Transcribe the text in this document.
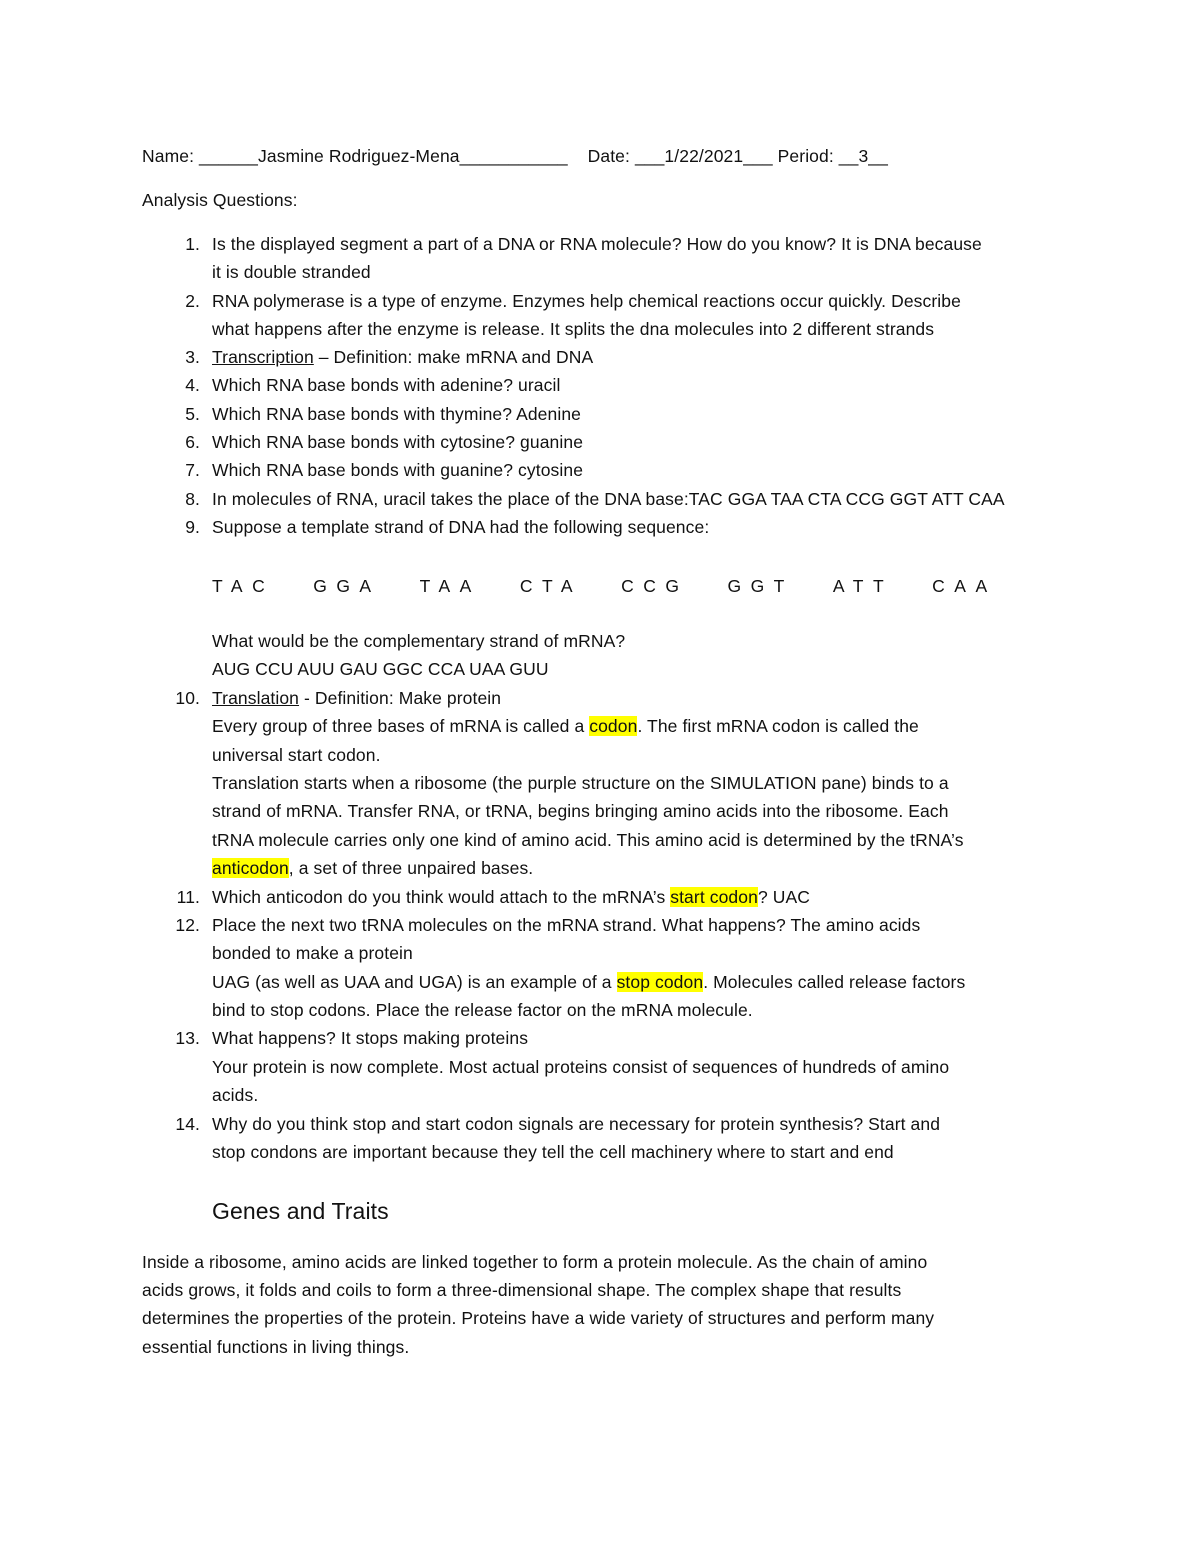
Name: ______Jasmine Rodriguez-Mena___________ Date: ___1/22/2021___ Period: __3__
Analysis Questions:
1. Is the displayed segment a part of a DNA or RNA molecule? How do you know? It is DNA because
it is double stranded
2. RNA polymerase is a type of enzyme. Enzymes help chemical reactions occur quickly. Describe
what happens after the enzyme is release. It splits the dna molecules into 2 different strands
3. Transcription – Definition: make mRNA and DNA
4. Which RNA base bonds with adenine? uracil
5. Which RNA base bonds with thymine? Adenine
6. Which RNA base bonds with cytosine? guanine
7. Which RNA base bonds with guanine? cytosine
8. In molecules of RNA, uracil takes the place of the DNA base:TAC GGA TAA CTA CCG GGT ATT CAA
9. Suppose a template strand of DNA had the following sequence:
TAC GGA TAA CTA CCG GGT ATT CAA
What would be the complementary strand of mRNA?
AUG CCU AUU GAU GGC CCA UAA GUU
10. Translation - Definition: Make protein
Every group of three bases of mRNA is called a codon. The first mRNA codon is called the
universal start codon.
Translation starts when a ribosome (the purple structure on the SIMULATION pane) binds to a
strand of mRNA. Transfer RNA, or tRNA, begins bringing amino acids into the ribosome. Each
tRNA molecule carries only one kind of amino acid. This amino acid is determined by the tRNA’s
anticodon, a set of three unpaired bases.
11. Which anticodon do you think would attach to the mRNA’s start codon? UAC
12. Place the next two tRNA molecules on the mRNA strand. What happens? The amino acids
bonded to make a protein
UAG (as well as UAA and UGA) is an example of a stop codon. Molecules called release factors
bind to stop codons. Place the release factor on the mRNA molecule.
13. What happens? It stops making proteins
Your protein is now complete. Most actual proteins consist of sequences of hundreds of amino
acids.
14. Why do you think stop and start codon signals are necessary for protein synthesis? Start and
stop condons are important because they tell the cell machinery where to start and end
Genes and Traits
Inside a ribosome, amino acids are linked together to form a protein molecule. As the chain of amino
acids grows, it folds and coils to form a three-dimensional shape. The complex shape that results
determines the properties of the protein. Proteins have a wide variety of structures and perform many
essential functions in living things.
